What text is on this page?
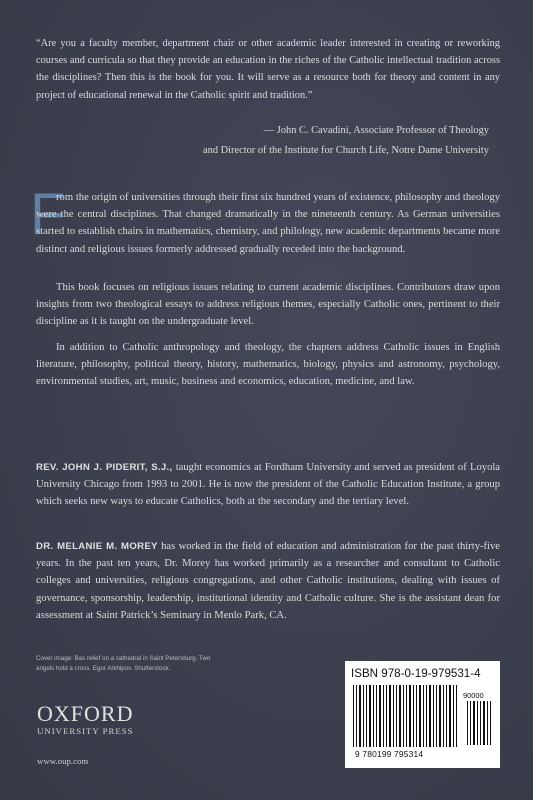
“Are you a faculty member, department chair or other academic leader interested in creating or reworking courses and curricula so that they provide an education in the riches of the Catholic intellectual tradition across the disciplines? Then this is the book for you. It will serve as a resource both for theory and content in any project of educational renewal in the Catholic spirit and tradition.”

— John C. Cavadini, Associate Professor of Theology
and Director of the Institute for Church Life, Notre Dame University
F

rom the origin of universities through their first six hundred years of existence, philosophy and theology were the central disciplines. That changed dramatically in the nineteenth century. As German universities started to establish chairs in mathematics, chemistry, and philology, new academic departments became more distinct and religious issues formerly addressed gradually receded into the background.

This book focuses on religious issues relating to current academic disciplines. Contributors draw upon insights from two theological essays to address religious themes, especially Catholic ones, pertinent to their discipline as it is taught on the undergraduate level.

In addition to Catholic anthropology and theology, the chapters address Catholic issues in English literature, philosophy, political theory, history, mathematics, biology, physics and astronomy, psychology, environmental studies, art, music, business and economics, education, medicine, and law.

REV. JOHN J. PIDERIT, S.J., taught economics at Fordham University and served as president of Loyola University Chicago from 1993 to 2001. He is now the president of the Catholic Education Institute, a group which seeks new ways to educate Catholics, both at the secondary and the tertiary level.

DR. MELANIE M. MOREY has worked in the field of education and administration for the past thirty-five years. In the past ten years, Dr. Morey has worked primarily as a researcher and consultant to Catholic colleges and universities, religious congregations, and other Catholic institutions, dealing with issues of governance, sponsorship, leadership, institutional identity and Catholic culture. She is the assistant dean for assessment at Saint Patrick’s Seminary in Menlo Park, CA.

Cover image: Bas relief on a cathedral in Saint Petersburg. Two angels hold a cross. Egor Arkhipov. Shutterstock.
OXFORD
UNIVERSITY PRESS
www.oup.com
ISBN 978-0-19-979531-4
90000
9 780199 795314
